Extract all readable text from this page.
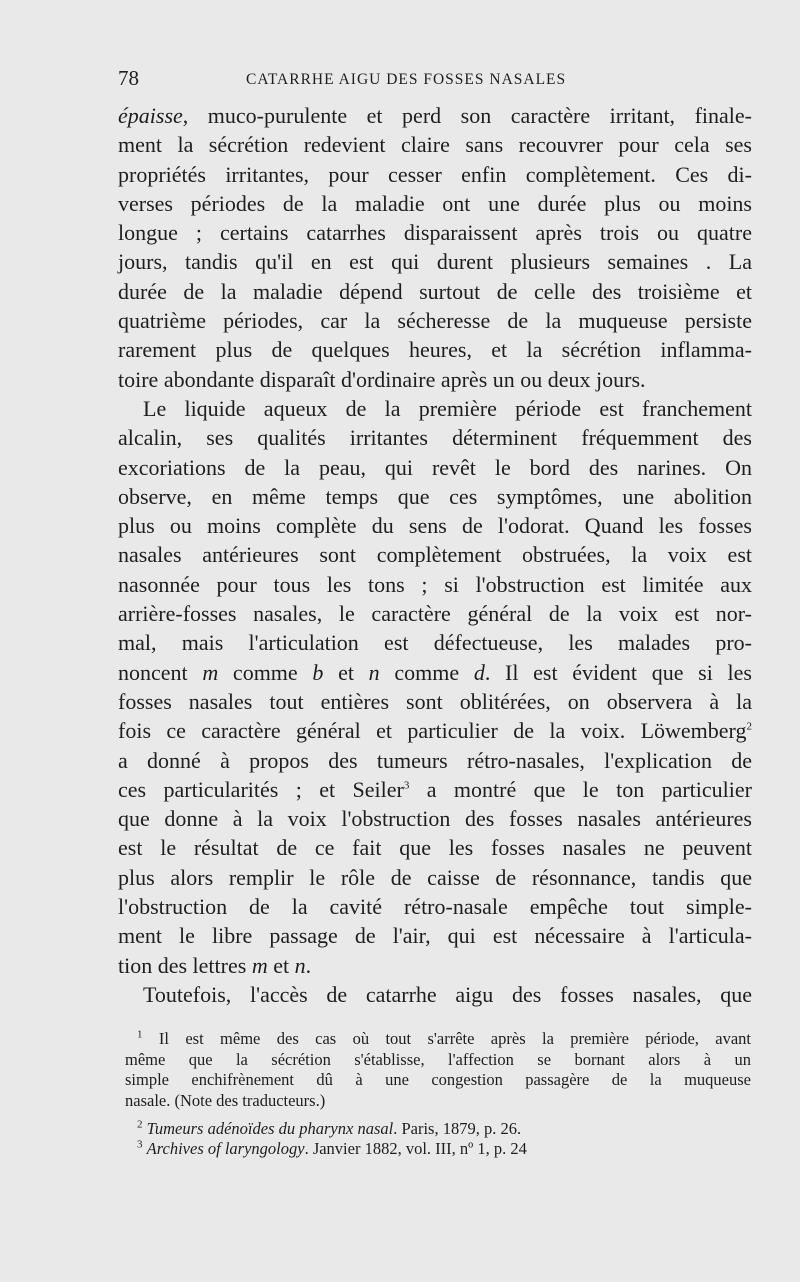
78	CATARRHE AIGU DES FOSSES NASALES
épaisse, muco-purulente et perd son caractère irritant, finale-
ment la sécrétion redevient claire sans recouvrer pour cela ses
propriétés irritantes, pour cesser enfin complètement. Ces di-
verses périodes de la maladie ont une durée plus ou moins
longue ; certains catarrhes disparaissent après trois ou quatre
jours, tandis qu'il en est qui durent plusieurs semaines . La
durée de la maladie dépend surtout de celle des troisième et
quatrième périodes, car la sécheresse de la muqueuse persiste
rarement plus de quelques heures, et la sécrétion inflamma-
toire abondante disparaît d'ordinaire après un ou deux jours.
Le liquide aqueux de la première période est franchement
alcalin, ses qualités irritantes déterminent fréquemment des
excoriations de la peau, qui revêt le bord des narines. On
observe, en même temps que ces symptômes, une abolition
plus ou moins complète du sens de l'odorat. Quand les fosses
nasales antérieures sont complètement obstruées, la voix est
nasonnée pour tous les tons ; si l'obstruction est limitée aux
arrière-fosses nasales, le caractère général de la voix est nor-
mal, mais l'articulation est défectueuse, les malades pro-
noncent m comme b et n comme d. Il est évident que si les
fosses nasales tout entières sont oblitérées, on observera à la
fois ce caractère général et particulier de la voix. Löwemberg$^2$
a donné à propos des tumeurs rétro-nasales, l'explication de
ces particularités ; et Seiler$^3$ a montré que le ton particulier
que donne à la voix l'obstruction des fosses nasales antérieures
est le résultat de ce fait que les fosses nasales ne peuvent
plus alors remplir le rôle de caisse de résonnance, tandis que
l'obstruction de la cavité rétro-nasale empêche tout simple-
ment le libre passage de l'air, qui est nécessaire à l'articula-
tion des lettres m et n.
Toutefois, l'accès de catarrhe aigu des fosses nasales, que
$^1$ Il est même des cas où tout s'arrête après la première période, avant
même que la sécrétion s'établisse, l'affection se bornant alors à un
simple enchifrènement dû à une congestion passagère de la muqueuse
nasale. (Note des traducteurs.)
$^2$ Tumeurs adénoïdes du pharynx nasal. Paris, 1879, p. 26.
$^3$ Archives of laryngology. Janvier 1882, vol. III, nº 1, p. 24
